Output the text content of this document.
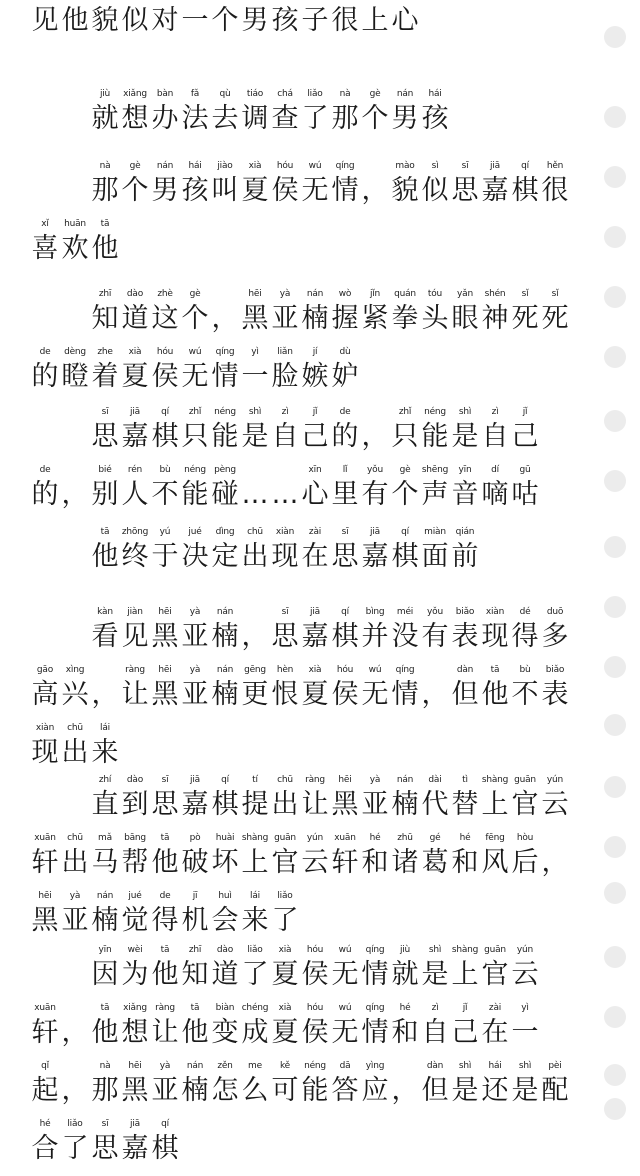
见 他 貌 似 对 一 个 男 孩 子 很 上 心
jiù
就
xiǎng
想
bàn
办
fǎ
法
qù
去
tiáo
调
chá
查
liǎo
了
nà
那
gè
个
nán
男
hái
孩
nà
那
gè
个
nán
男
hái
孩
jiào
叫
xià
夏
hóu
侯
wú
无
qíng
情 ，
mào
貌
sì
似
sī
思
jiā
嘉
qí
棋
hěn
很
xǐ
喜
huān
欢
tā
他
zhī
知
dào
道
zhè
这
gè
个 ，
hēi
黑
yà
亚
nán
楠
wò
握
jǐn
紧
quán
拳
tóu
头
yǎn
眼
shén
神
sǐ
死
sǐ
死
de
的
dèng
瞪
zhe
着
xià
夏
hóu
侯
wú
无
qíng
情
yì
一
liǎn
脸
jí
嫉
dù
妒
sī
思
jiā
嘉
qí
棋
zhǐ
只
néng
能
shì
是
zì
自
jǐ
己
de
的 ，
zhǐ
只
néng
能
shì
是
zì
自
jǐ
己
de
的 ，
bié
别
rén
人
bù
不
néng
能
pèng
碰 … …
xīn
心
lǐ
里
yǒu
有
gè
个
shēng
声
yīn
音
dí
嘀
gū
咕
tā
他
zhōng
终
yú
于
jué
决
dìng
定
chū
出
xiàn
现
zài
在
sī
思
jiā
嘉
qí
棋
miàn
面
qián
前
kàn
看
jiàn
见
hēi
黑
yà
亚
nán
楠 ，
sī
思
jiā
嘉
qí
棋
bìng
并
méi
没
yǒu
有
biǎo
表
xiàn
现
dé
得
duō
多
gāo
高
xìng
兴 ，
ràng
让
hēi
黑
yà
亚
nán
楠
gēng
更
hèn
恨
xià
夏
hóu
侯
wú
无
qíng
情 ，
dàn
但
tā
他
bù
不
biǎo
表
xiàn
现
chū
出
lái
来
zhí
直
dào
到
sī
思
jiā
嘉
qí
棋
tí
提
chū
出
ràng
让
hēi
黑
yà
亚
nán
楠
dài
代
tì
替
shàng
上
guān
官
yún
云
xuān
轩
chū
出
mǎ
马
bāng
帮
tā
他
pò
破
huài
坏
shàng
上
guān
官
yún
云
xuān
轩
hé
和
zhū
诸
gé
葛
hé
和
fēng
风
hòu
后 ，
hēi
黑
yà
亚
nán
楠
jué
觉
de
得
jī
机
huì
会
lái
来
liǎo
了
yīn
因
wèi
为
tā
他
zhī
知
dào
道
liǎo
了
xià
夏
hóu
侯
wú
无
qíng
情
jiù
就
shì
是
shàng
上
guān
官
yún
云
xuān
轩 ，
tā
他
xiǎng
想
ràng
让
tā
他
biàn
变
chéng
成
xià
夏
hóu
侯
wú
无
qíng
情
hé
和
zì
自
jǐ
己
zài
在
yì
一
qǐ
起 ，
nà
那
hēi
黑
yà
亚
nán
楠
zěn
怎
me
么
kě
可
néng
能
dā
答
yìng
应 ，
dàn
但
shì
是
hái
还
shì
是
pèi
配
hé
合
liǎo
了
sī
思
jiā
嘉
qí
棋
